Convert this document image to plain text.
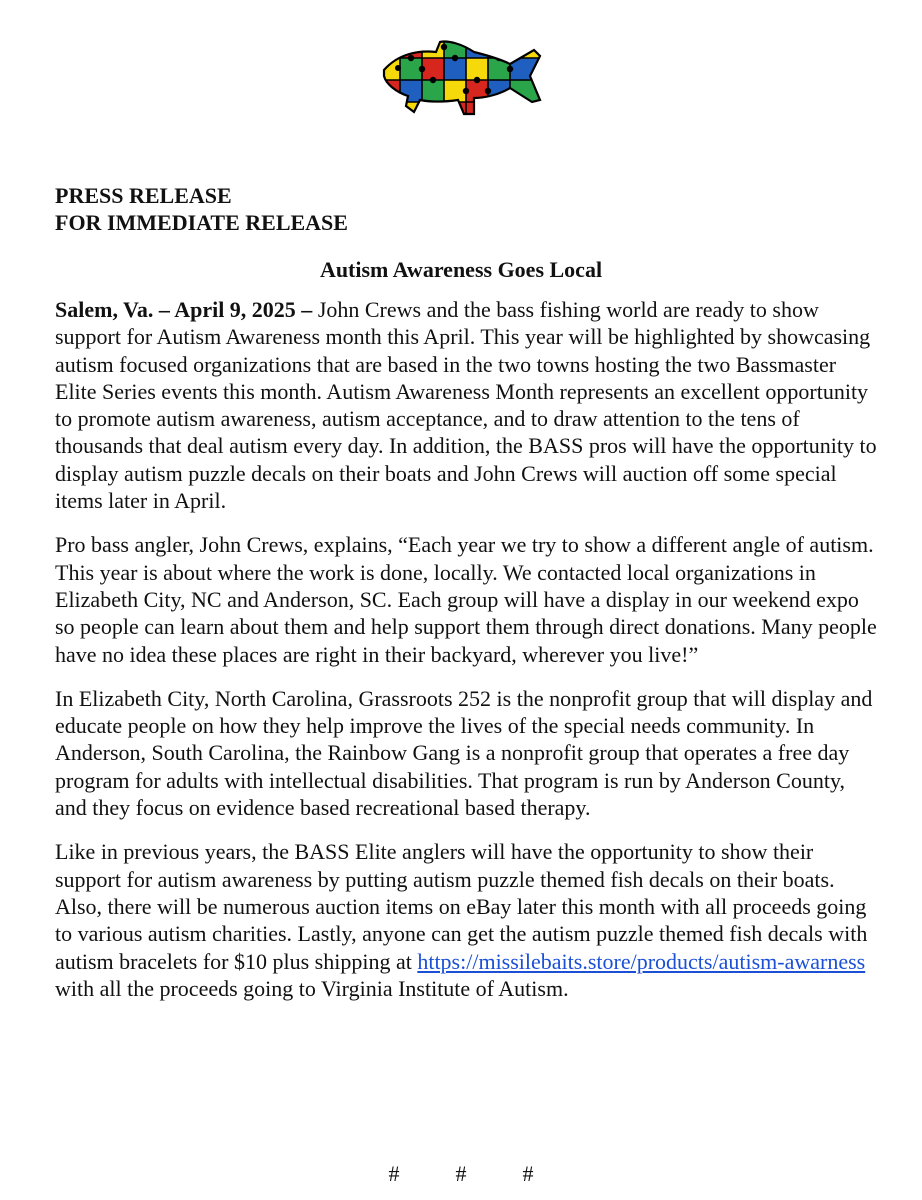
PRESS RELEASE
FOR IMMEDIATE RELEASE
Autism Awareness Goes Local

Salem, Va. – April 9, 2025 – John Crews and the bass fishing world are ready to show support for Autism Awareness month this April. This year will be highlighted by showcasing autism focused organizations that are based in the two towns hosting the two Bassmaster Elite Series events this month. Autism Awareness Month represents an excellent opportunity to promote autism awareness, autism acceptance, and to draw attention to the tens of thousands that deal autism every day. In addition, the BASS pros will have the opportunity to display autism puzzle decals on their boats and John Crews will auction off some special items later in April.

Pro bass angler, John Crews, explains, “Each year we try to show a different angle of autism. This year is about where the work is done, locally. We contacted local organizations in Elizabeth City, NC and Anderson, SC. Each group will have a display in our weekend expo so people can learn about them and help support them through direct donations. Many people have no idea these places are right in their backyard, wherever you live!”

In Elizabeth City, North Carolina, Grassroots 252 is the nonprofit group that will display and educate people on how they help improve the lives of the special needs community. In Anderson, South Carolina, the Rainbow Gang is a nonprofit group that operates a free day program for adults with intellectual disabilities. That program is run by Anderson County, and they focus on evidence based recreational based therapy.

Like in previous years, the BASS Elite anglers will have the opportunity to show their support for autism awareness by putting autism puzzle themed fish decals on their boats. Also, there will be numerous auction items on eBay later this month with all proceeds going to various autism charities. Lastly, anyone can get the autism puzzle themed fish decals with autism bracelets for $10 plus shipping at https://missilebaits.store/products/autism-awarness with all the proceeds going to Virginia Institute of Autism.

#	#	#
